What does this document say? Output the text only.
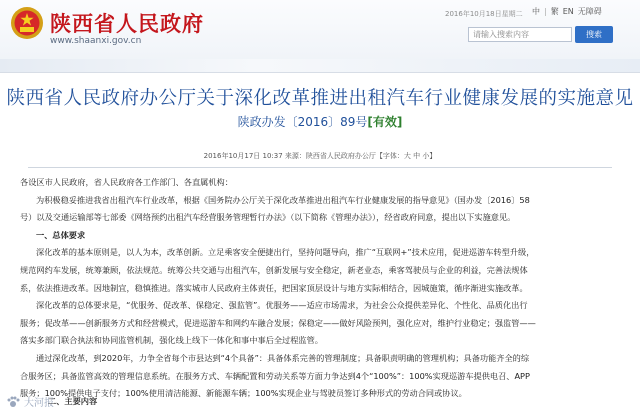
陕西省人民政府
www.shaanxi.gov.cn
2016年10月18日星期二 中 | 繁 EN 无障碍
请输入搜索内容	搜索
陕西省人民政府办公厅关于深化改革推进出租汽车行业健康发展的实施意见
陕政办发〔2016〕89号[有效]
2016年10月17日 10:37 来源：陕西省人民政府办公厅【字体：大 中 小】
各设区市人民政府，省人民政府各工作部门、各直属机构：
为积极稳妥推进我省出租汽车行业改革，根据《国务院办公厅关于深化改革推进出租汽车行业健康发展的指导意见》（国办发〔2016〕58
号）以及交通运输部等七部委《网络预约出租汽车经营服务管理暂行办法》（以下简称《管理办法》），经省政府同意，提出以下实施意见。
一、总体要求
深化改革的基本原则是，以人为本，改革创新。立足乘客安全便捷出行，坚持问题导向，推广“互联网+”技术应用，促进巡游车转型升级，
规范网约车发展，统筹兼顾，依法规范。统筹公共交通与出租汽车，创新发展与安全稳定，新老业态，乘客驾驶员与企业的利益，完善法规体
系，依法推进改革。因地制宜，稳慎推进。落实城市人民政府主体责任，把国家顶层设计与地方实际相结合，因城施策，循序渐进实施改革。
深化改革的总体要求是，“优服务、促改革、保稳定、强监管”。优服务——适应市场需求，为社会公众提供差异化、个性化、品质化出行
服务；促改革——创新服务方式和经营模式，促进巡游车和网约车融合发展；保稳定——做好风险预判，强化应对，维护行业稳定；强监管——
落实多部门联合执法和协同监管机制，强化线上线下一体化和事中事后全过程监管。
通过深化改革，到2020年，力争全省每个市县达到“4个具备”：具备体系完善的管理制度；具备职责明确的管理机构；具备功能齐全的综
合服务区；具备监管高效的管理信息系统。在服务方式、车辆配置和劳动关系等方面力争达到4个“100%”：100%实现巡游车提供电召、APP
服务；100%提供电子支付；100%使用清洁能源、新能源车辆；100%实现企业与驾驶员签订多种形式的劳动合同或协议。
大河报
二、主要内容
